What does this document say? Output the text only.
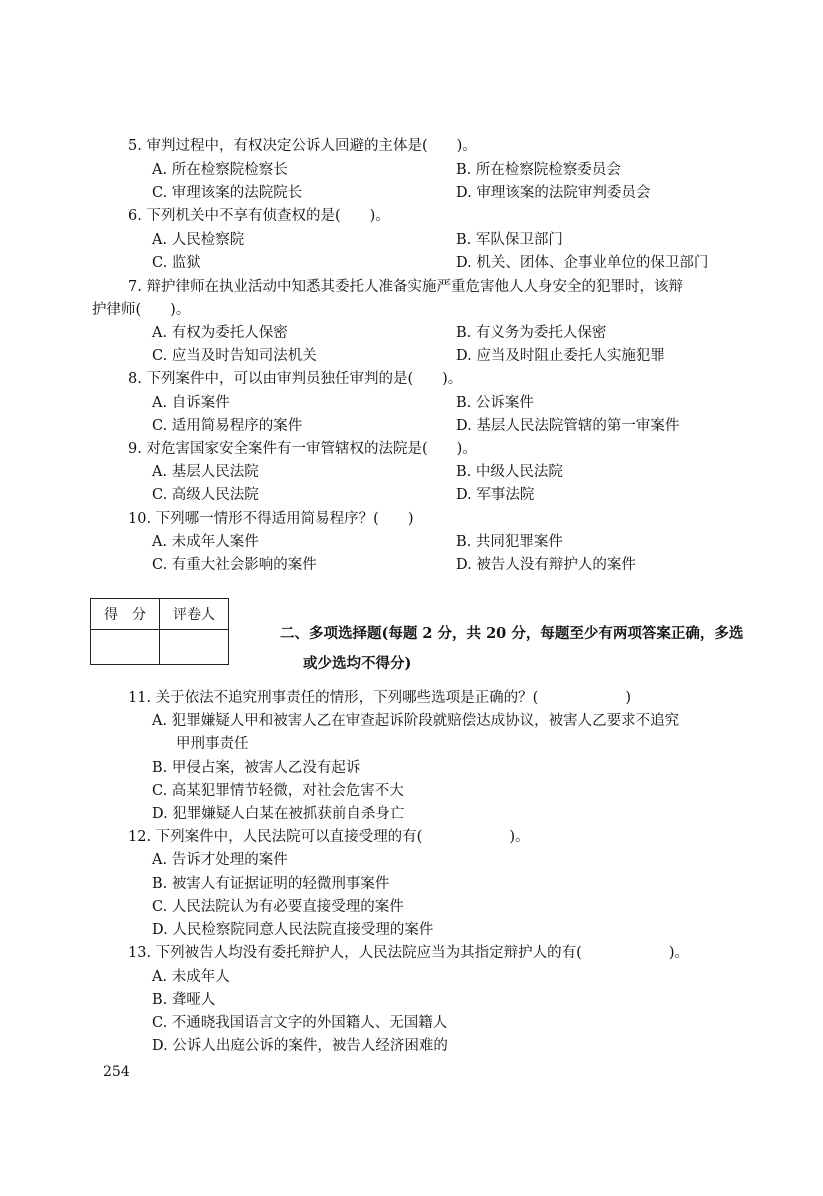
5. 审判过程中，有权决定公诉人回避的主体是(　　)。
A. 所在检察院检察长	B. 所在检察院检察委员会
C. 审理该案的法院院长	D. 审理该案的法院审判委员会
6. 下列机关中不享有侦查权的是(　　)。
A. 人民检察院	B. 军队保卫部门
C. 监狱	D. 机关、团体、企事业单位的保卫部门
7. 辩护律师在执业活动中知悉其委托人准备实施严重危害他人人身安全的犯罪时，该辩
护律师(　　)。
A. 有权为委托人保密	B. 有义务为委托人保密
C. 应当及时告知司法机关	D. 应当及时阻止委托人实施犯罪
8. 下列案件中，可以由审判员独任审判的是(　　)。
A. 自诉案件	B. 公诉案件
C. 适用简易程序的案件	D. 基层人民法院管辖的第一审案件
9. 对危害国家安全案件有一审管辖权的法院是(　　)。
A. 基层人民法院	B. 中级人民法院
C. 高级人民法院	D. 军事法院
10. 下列哪一情形不得适用简易程序？(　　)
A. 未成年人案件	B. 共同犯罪案件
C. 有重大社会影响的案件	D. 被告人没有辩护人的案件
得　分	评卷人

二、多项选择题(每题 2 分，共 20 分，每题至少有两项答案正确，多选
或少选均不得分)
11. 关于依法不追究刑事责任的情形，下列哪些选项是正确的？(　　　　　　)
A. 犯罪嫌疑人甲和被害人乙在审查起诉阶段就赔偿达成协议，被害人乙要求不追究
甲刑事责任
B. 甲侵占案，被害人乙没有起诉
C. 高某犯罪情节轻微，对社会危害不大
D. 犯罪嫌疑人白某在被抓获前自杀身亡
12. 下列案件中，人民法院可以直接受理的有(　　　　　　)。
A. 告诉才处理的案件
B. 被害人有证据证明的轻微刑事案件
C. 人民法院认为有必要直接受理的案件
D. 人民检察院同意人民法院直接受理的案件
13. 下列被告人均没有委托辩护人，人民法院应当为其指定辩护人的有(　　　　　　)。
A. 未成年人
B. 聋哑人
C. 不通晓我国语言文字的外国籍人、无国籍人
D. 公诉人出庭公诉的案件，被告人经济困难的
254
